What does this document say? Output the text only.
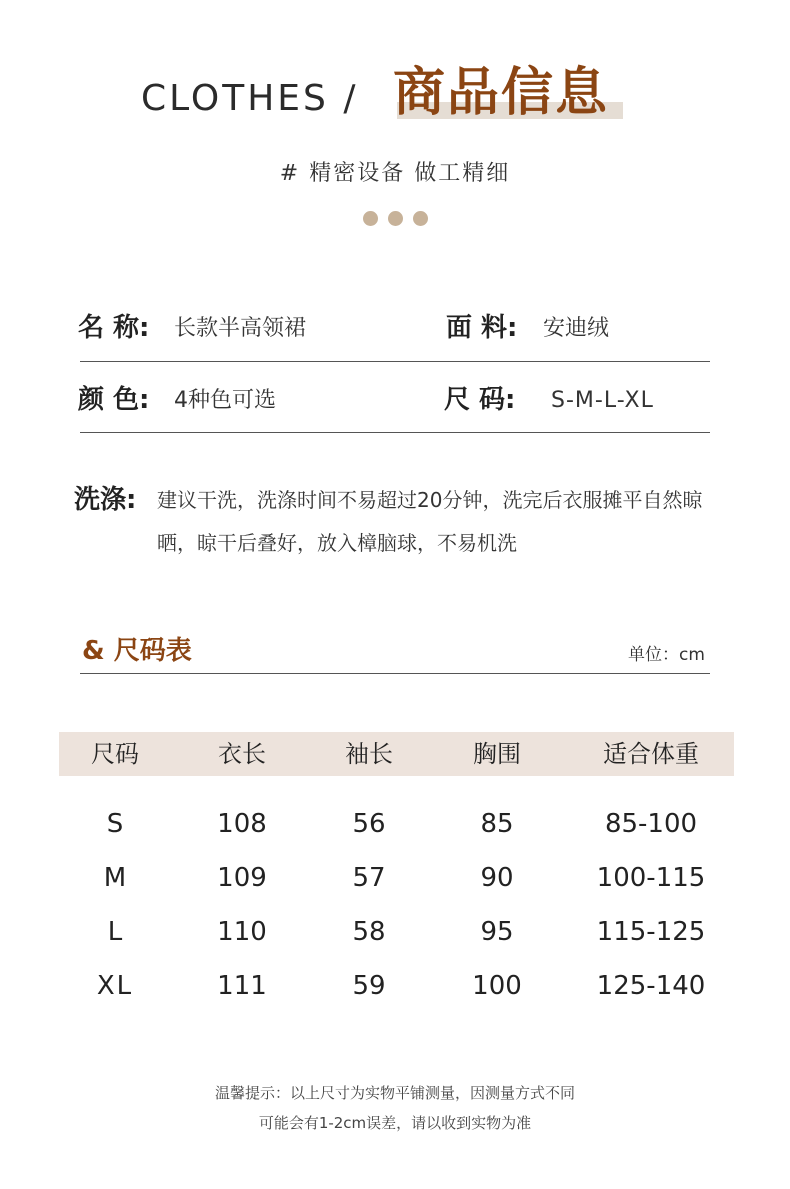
CLOTHES / 商品信息
# 精密设备 做工精细
名 称: 长款半高领裙	面 料: 安迪绒
颜 色: 4种色可选	尺 码: S-M-L-XL
洗涤: 建议干洗，洗涤时间不易超过20分钟，洗完后衣服摊平自然晾晒，晾干后叠好，放入樟脑球，不易机洗
& 尺码表	单位：cm
尺码	衣长	袖长	胸围	适合体重
S	108	56	85	85-100
M	109	57	90	100-115
L	110	58	95	115-125
XL	111	59	100	125-140
温馨提示：以上尺寸为实物平铺测量，因测量方式不同
可能会有1-2cm误差，请以收到实物为准
